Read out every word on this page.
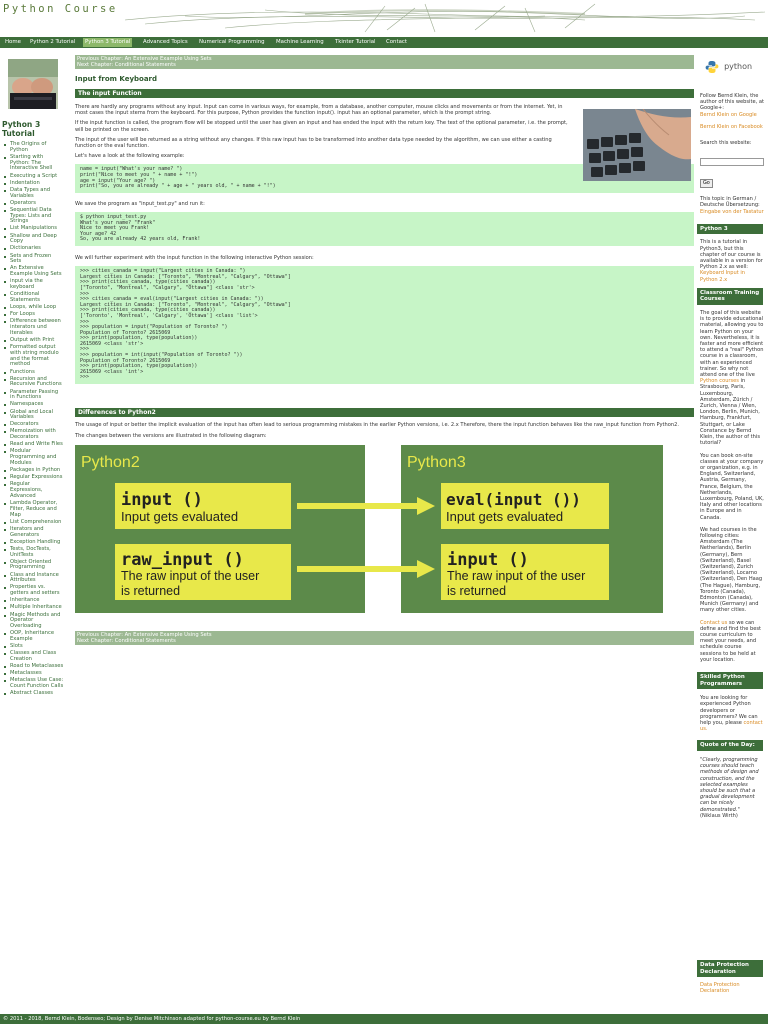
Python Course
Home	Python 2 Tutorial	Python 3 Tutorial	Advanced Topics	Numerical Programming	Machine Learning	Tkinter Tutorial	Contact
Python 3 Tutorial
The Origins of Python
Starting with Python: The Interactive Shell
Executing a Script
Indentation
Data Types and Variables
Operators
Sequential Data Types: Lists and Strings
List Manipulations
Shallow and Deep Copy
Dictionaries
Sets and Frozen Sets
An Extensive Example Using Sets
input via the keyboard
Conditional Statements
Loops, while Loop
For Loops
Difference between interators und Iterables
Output with Print
Formatted output with string modulo and the format method
Functions
Recursion and Recursive Functions
Parameter Passing in Functions
Namespaces
Global and Local Variables
Decorators
Memoization with Decorators
Read and Write Files
Modular Programming and Modules
Packages in Python
Regular Expressions
Regular Expressions, Advanced
Lambda Operator, Filter, Reduce and Map
List Comprehension
Iterators and Generators
Exception Handling
Tests, DocTests, UnitTests
Object Oriented Programming
Class and Instance Attributes
Properties vs. getters and setters
Inheritance
Multiple Inheritance
Magic Methods and Operator Overloading
OOP, Inheritance Example
Slots
Classes and Class Creation
Road to Metaclasses
Metaclasses
Metaclass Use Case: Count Function Calls
Abstract Classes
Previous Chapter: An Extensive Example Using Sets
Next Chapter: Conditional Statements
Input from Keyboard
The input Function
There are hardly any programs without any input. Input can come in various ways, for example, from a database, another computer, mouse clicks and movements or from the internet. Yet, in most cases the input stems from the keyboard. For this purpose, Python provides the function input(). input has an optional parameter, which is the prompt string.
If the input function is called, the program flow will be stopped until the user has given an input and has ended the input with the return key. The text of the optional parameter, i.e. the prompt, will be printed on the screen.
The input of the user will be returned as a string without any changes. If this raw input has to be transformed into another data type needed by the algorithm, we can use either a casting function or the eval function.
Let's have a look at the following example:
name = input("What's your name? ")
print("Nice to meet you " + name + "!")
age = input("Your age? ")
print("So, you are already " + age + " years old, " + name + "!")
We save the program as "input_test.py" and run it:
$ python input_test.py
What's your name? "Frank"
Nice to meet you Frank!
Your age? 42
So, you are already 42 years old, Frank!
We will further experiment with the input function in the following interactive Python session:
>>> cities_canada = input("Largest cities in Canada: ")
Largest cities in Canada: ["Toronto", "Montreal", "Calgary", "Ottawa"]
>>> print(cities_canada, type(cities_canada))
["Toronto", "Montreal", "Calgary", "Ottawa"] <class 'str'>
>>>
>>> cities_canada = eval(input("Largest cities in Canada: "))
Largest cities in Canada: ["Toronto", "Montreal", "Calgary", "Ottawa"]
>>> print(cities_canada, type(cities_canada))
['Toronto', 'Montreal', 'Calgary', 'Ottawa'] <class 'list'>
>>>
>>> population = input("Population of Toronto? ")
Population of Toronto? 2615069
>>> print(population, type(population))
2615069 <class 'str'>
>>>
>>> population = int(input("Population of Toronto? "))
Population of Toronto? 2615069
>>> print(population, type(population))
2615069 <class 'int'>
>>>
Differences to Python2
The usage of input or better the implicit evaluation of the input has often lead to serious programming mistakes in the earlier Python versions, i.e. 2.x Therefore, there the input function behaves like the raw_input function from Python2.
The changes between the versions are illustrated in the following diagram:
Python2	Python3
input ()
Input gets evaluated
raw_input ()
The raw input of the user
is returned
eval(input ())
Input gets evaluated
input ()
The raw input of the user
is returned
Previous Chapter: An Extensive Example Using Sets
Next Chapter: Conditional Statements
python
Follow Bernd Klein, the author of this website, at Google+:
Bernd Klein on Google
Bernd Klein on Facebook
Search this website:
Go
This topic in German / Deutsche Übersetzung:
Eingabe von der Tastatur
Python 3
This is a tutorial in Python3, but this chapter of our course is available in a version for Python 2.x as well: Keyboard Input in Python 2.x
Classroom Training Courses
The goal of this website is to provide educational material, allowing you to learn Python on your own. Nevertheless, it is faster and more efficient to attend a "real" Python course in a classroom, with an experienced trainer. So why not attend one of the live Python courses in Strasbourg, Paris, Luxembourg, Amsterdam, Zürich / Zurich, Vienna / Wien, London, Berlin, Munich, Hamburg, Frankfurt, Stuttgart, or Lake Constance by Bernd Klein, the author of this tutorial?
You can book on-site classes at your company or organization, e.g. in England, Switzerland, Austria, Germany, France, Belgium, the Netherlands, Luxembourg, Poland, UK, Italy and other locations in Europe and in Canada.
We had courses in the following cities: Amsterdam (The Netherlands), Berlin (Germany), Bern (Switzerland), Basel (Switzerland), Zurich (Switzerland), Locarno (Switzerland), Den Haag (The Hague), Hamburg, Toronto (Canada), Edmonton (Canada), Munich (Germany) and many other cities.
Contact us so we can define and find the best course curriculum to meet your needs, and schedule course sessions to be held at your location.
Skilled Python Programmers
You are looking for experienced Python developers or programmers? We can help you, please contact us.
Quote of the Day:
"Clearly, programming courses should teach methods of design and construction, and the selected examples should be such that a gradual development can be nicely demonstrated."
(Niklaus Wirth)
Data Protection Declaration
Data Protection Declaration
© 2011 - 2018, Bernd Klein, Bodenseo; Design by Denise Mitchinson adapted for python-course.eu by Bernd Klein
